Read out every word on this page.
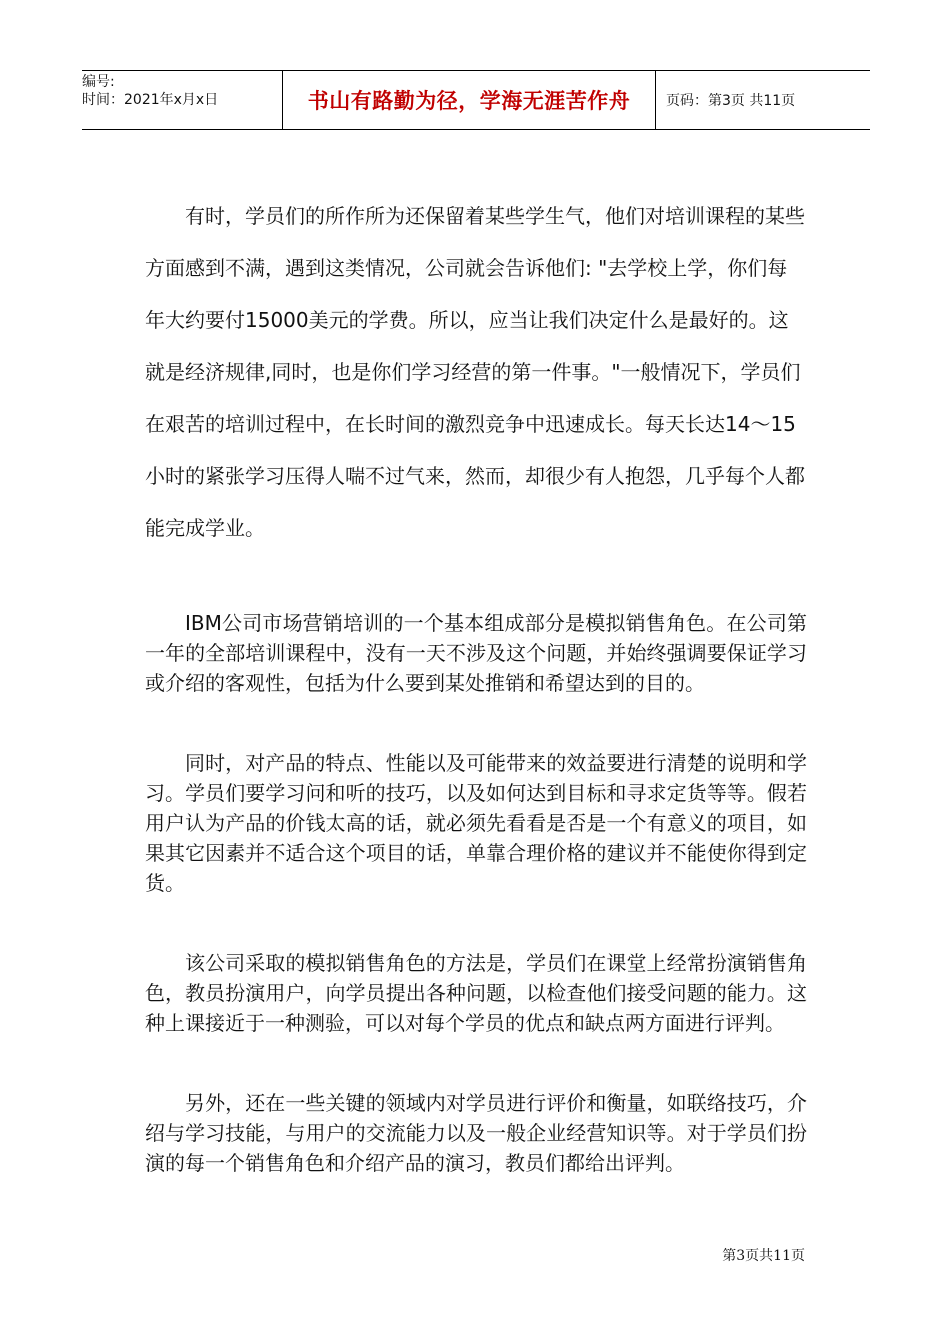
编号:
时间：2021年x月x日	书山有路勤为径，学海无涯苦作舟	页码：第3页 共11页

有时，学员们的所作所为还保留着某些学生气，他们对培训课程的某些方面感到不满，遇到这类情况，公司就会告诉他们: "去学校上学，你们每年大约要付15000美元的学费。所以，应当让我们决定什么是最好的。这就是经济规律,同时，也是你们学习经营的第一件事。"一般情况下，学员们在艰苦的培训过程中，在长时间的激烈竞争中迅速成长。每天长达14～15小时的紧张学习压得人喘不过气来，然而，却很少有人抱怨，几乎每个人都能完成学业。

IBM公司市场营销培训的一个基本组成部分是模拟销售角色。在公司第一年的全部培训课程中，没有一天不涉及这个问题，并始终强调要保证学习或介绍的客观性，包括为什么要到某处推销和希望达到的目的。

同时，对产品的特点、性能以及可能带来的效益要进行清楚的说明和学习。学员们要学习问和听的技巧，以及如何达到目标和寻求定货等等。假若用户认为产品的价钱太高的话，就必须先看看是否是一个有意义的项目，如果其它因素并不适合这个项目的话，单靠合理价格的建议并不能使你得到定货。

该公司采取的模拟销售角色的方法是，学员们在课堂上经常扮演销售角色，教员扮演用户，向学员提出各种问题，以检查他们接受问题的能力。这种上课接近于一种测验，可以对每个学员的优点和缺点两方面进行评判。

另外，还在一些关键的领域内对学员进行评价和衡量，如联络技巧，介绍与学习技能，与用户的交流能力以及一般企业经营知识等。对于学员们扮演的每一个销售角色和介绍产品的演习，教员们都给出评判。

第3页共11页
